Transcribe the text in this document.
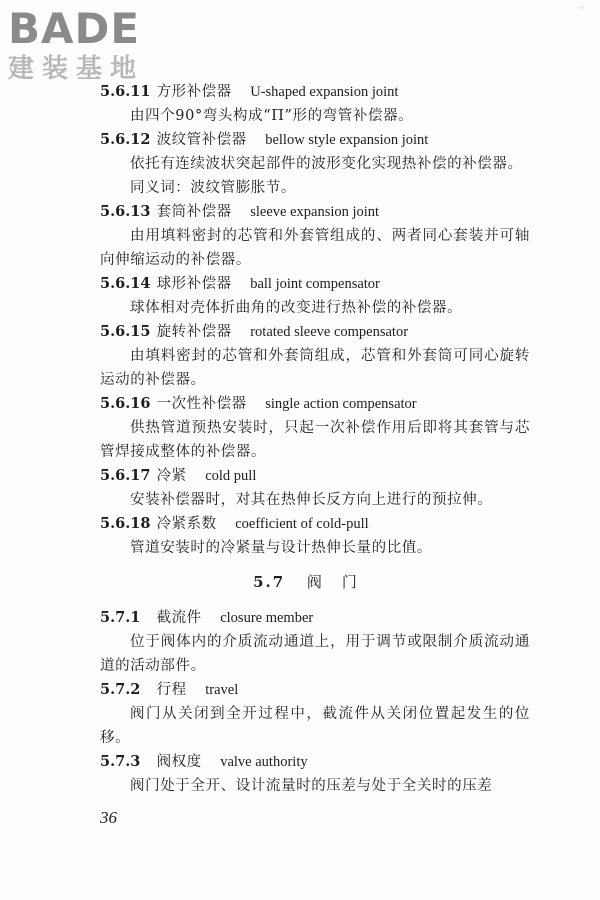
BADE
建装基地
··
5.6.11 方形补偿器 U-shaped expansion joint
由四个90°弯头构成“Π”形的弯管补偿器。
5.6.12 波纹管补偿器 bellow style expansion joint
依托有连续波状突起部件的波形变化实现热补偿的补偿器。
同义词：波纹管膨胀节。
5.6.13 套筒补偿器 sleeve expansion joint
由用填料密封的芯管和外套管组成的、两者同心套装并可轴向伸缩运动的补偿器。
5.6.14 球形补偿器 ball joint compensator
球体相对壳体折曲角的改变进行热补偿的补偿器。
5.6.15 旋转补偿器 rotated sleeve compensator
由填料密封的芯管和外套筒组成，芯管和外套筒可同心旋转运动的补偿器。
5.6.16 一次性补偿器 single action compensator
供热管道预热安装时，只起一次补偿作用后即将其套管与芯管焊接成整体的补偿器。
5.6.17 冷紧 cold pull
安装补偿器时，对其在热伸长反方向上进行的预拉伸。
5.6.18 冷紧系数 coefficient of cold-pull
管道安装时的冷紧量与设计热伸长量的比值。
5.7 阀门
5.7.1 截流件 closure member
位于阀体内的介质流动通道上，用于调节或限制介质流动通道的活动部件。
5.7.2 行程 travel
阀门从关闭到全开过程中，截流件从关闭位置起发生的位移。
5.7.3 阀权度 valve authority
阀门处于全开、设计流量时的压差与处于全关时的压差
36
